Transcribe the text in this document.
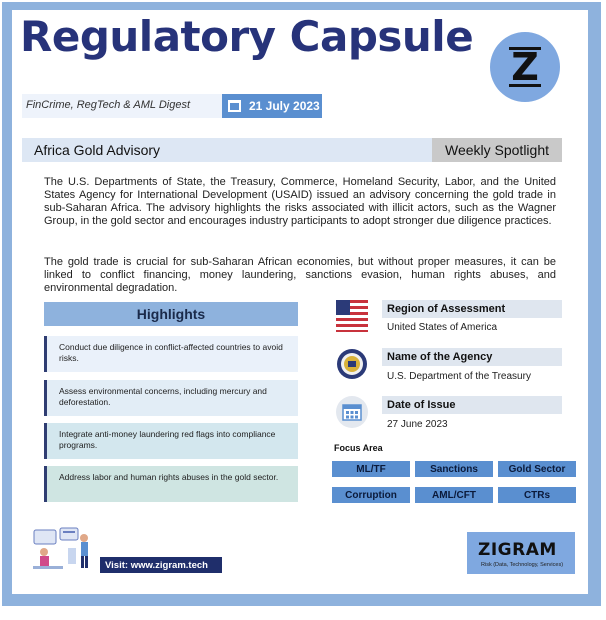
Regulatory Capsule
Z
FinCrime, RegTech & AML Digest	21 July 2023
Africa Gold Advisory	Weekly Spotlight
The U.S. Departments of State, the Treasury, Commerce, Homeland Security, Labor, and the United States Agency for International Development (USAID) issued an advisory concerning the gold trade in sub-Saharan Africa. The advisory highlights the risks associated with illicit actors, such as the Wagner Group, in the gold sector and encourages industry participants to adopt stronger due diligence practices.
The gold trade is crucial for sub-Saharan African economies, but without proper measures, it can be linked to conflict financing, money laundering, sanctions evasion, human rights abuses, and environmental degradation.
Highlights
Conduct due diligence in conflict-affected countries to avoid risks.
Assess environmental concerns, including mercury and deforestation.
Integrate anti-money laundering red flags into compliance programs.
Address labor and human rights abuses in the gold sector.
Region of Assessment
United States of America
Name of the Agency
U.S. Department of the Treasury
Date of Issue
27 June 2023
Focus Area
ML/TF	Sanctions	Gold Sector
Corruption	AML/CFT	CTRs
Visit: www.zigram.tech
ZIGRAM
Risk (Data, Technology, Services)
